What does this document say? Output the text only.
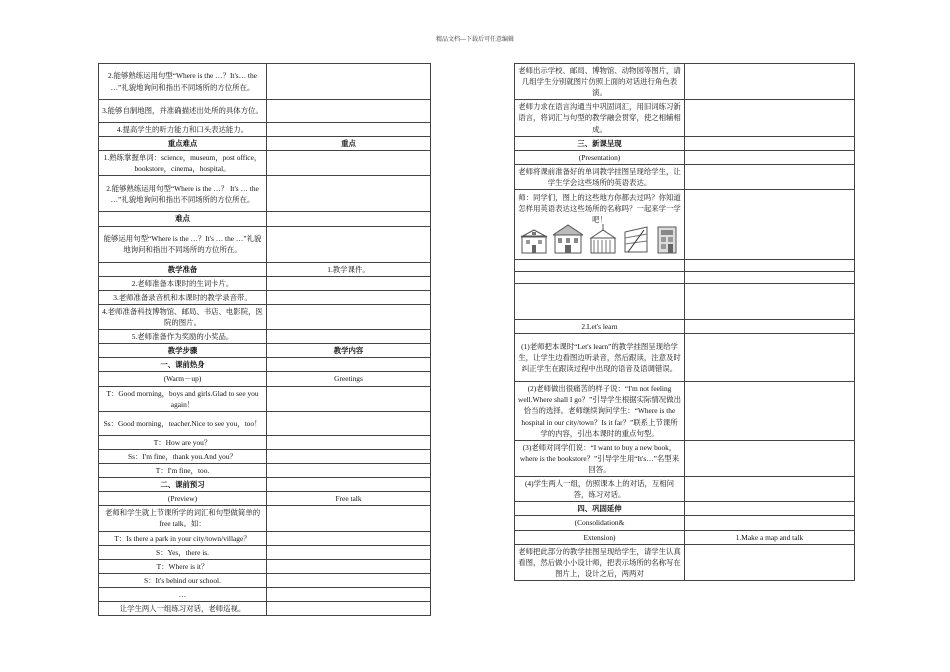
精品文档---下载后可任意编辑
2.能够熟练运用句型“Where is the …？It's… the …”礼貌地询问和指出不同场所的方位所在。	
3.能够自制地图，并准确描述出处所的具体方位。	
4.提高学生的听力能力和口头表达能力。	
重点难点	重点
1.熟练掌握单词：science，museum，post office，bookstore，cinema，hospital。	
2.能够熟练运用句型“Where is the …？ It's … the …”礼貌地询问和指出不同场所的方位所在。	
难点	
能够运用句型“Where is the …？It's … the …”礼貌地询问和指出不同场所的方位所在。	
教学准备	1.教学课件。
2.老师准备本课时的生词卡片。	
3.老师准备录音机和本课时的教学录音带。	
4.老师准备科技博物馆、邮局、书店、电影院，医院的图片。	
5.老师准备作为奖励的小奖品。	
教学步骤	教学内容
一、课前热身	
(Warm－up)	Greetings
T：Good morning，boys and girls.Glad to see you again！	
Ss：Good morning，teacher.Nice to see you，too！	
T：How are you？	
Ss：I'm fine，thank you.And you？	
T：I'm fine，too.	
二、课前预习	
(Preview)	Free talk
老师和学生就上节课所学的词汇和句型做简单的free talk。如：	
T：Is there a park in your city/town/village？	
S：Yes，there is.	
T：Where is it？	
S：It's behind our school.	
…	
让学生两人一组练习对话，老师巡视。	
老师出示学校、邮局、博物馆、动物园等图片，请几组学生分别就图片仿照上面的对话进行角色表演。	
老师力求在语言沟通当中巩固词汇，用旧词练习新语言，将词汇与句型的教学融会贯穿，使之相辅相成。	
三、新课呈现	
(Presentation)	
老师将课前准备好的单词教学挂图呈现给学生，让学生学会这些场所的英语表达。	

师：同学们，图上的这些地方你都去过吗？你知道怎样用英语表达这些场所的名称吗？一起来学一学吧！	

2.Let's learn	
(1)老师把本课时“Let's learn”的教学挂图呈现给学生，让学生边看图边听录音，然后跟读，注意及时纠正学生在跟读过程中出现的语音及语调错误。	
(2)老师做出很痛苦的样子说：“I'm not feeling well.Where shall I go？”引导学生根据实际情况做出恰当的选择。老师继续询问学生：“Where is the hospital in our city/town？Is it far？”联系上节课所学的内容，引出本课时的重点句型。	
(3)老师对同学们说：“I want to buy a new book，where is the bookstore？”引导学生用“It's…”名型来回答。	
(4)学生两人一组，仿照课本上的对话，互相问答，练习对话。	
四、巩固延伸	
(Consolidation&	
Extension)	1.Make a map and talk
老师把此部分的教学挂图呈现给学生，请学生认真看图，然后做小小设计师，把表示场所的名称写在图片上，设计之后，两两对	
